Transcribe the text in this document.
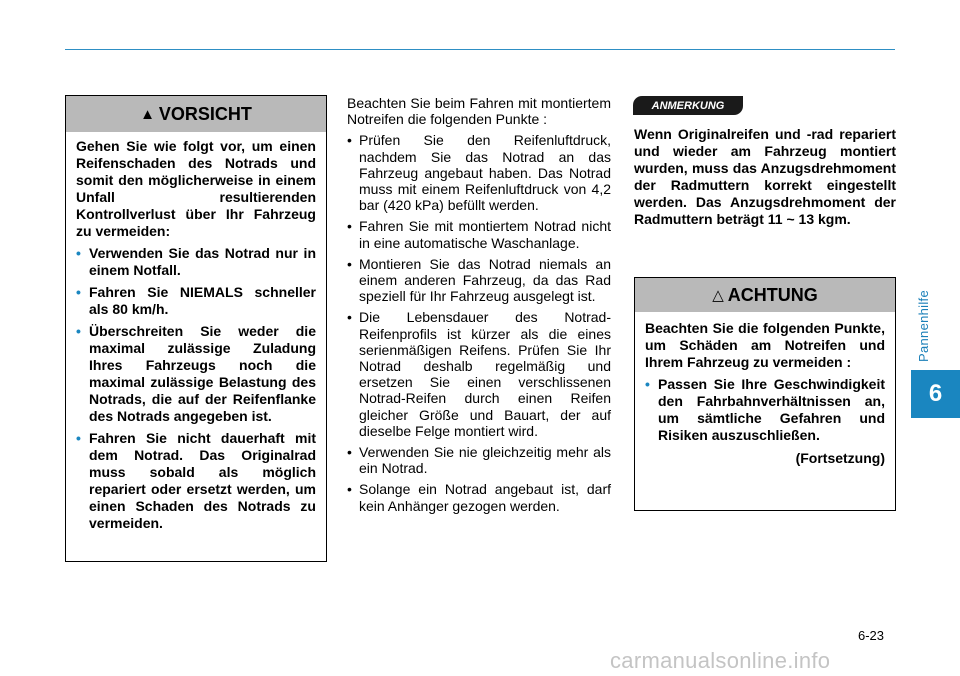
Pannenhilfe
6
▲ VORSICHT
Gehen Sie wie folgt vor, um einen Reifenschaden des Notrads und somit den möglicherweise in einem Unfall resultierenden Kontrollverlust über Ihr Fahrzeug zu vermeiden:
• Verwenden Sie das Notrad nur in einem Notfall.
• Fahren Sie NIEMALS schneller als 80 km/h.
• Überschreiten Sie weder die maximal zulässige Zuladung Ihres Fahrzeugs noch die maximal zulässige Belastung des Notrads, die auf der Reifenflanke des Notrads angegeben ist.
• Fahren Sie nicht dauerhaft mit dem Notrad. Das Originalrad muss sobald als möglich repariert oder ersetzt werden, um einen Schaden des Notrads zu vermeiden.
Beachten Sie beim Fahren mit montiertem Notreifen die folgenden Punkte :
• Prüfen Sie den Reifenluftdruck, nachdem Sie das Notrad an das Fahrzeug angebaut haben. Das Notrad muss mit einem Reifenluftdruck von 4,2 bar (420 kPa) befüllt werden.
• Fahren Sie mit montiertem Notrad nicht in eine automatische Waschanlage.
• Montieren Sie das Notrad niemals an einem anderen Fahrzeug, da das Rad speziell für Ihr Fahrzeug ausgelegt ist.
• Die Lebensdauer des Notrad-Reifenprofils ist kürzer als die eines serienmäßigen Reifens. Prüfen Sie Ihr Notrad deshalb regelmäßig und ersetzen Sie einen verschlissenen Notrad-Reifen durch einen Reifen gleicher Größe und Bauart, der auf dieselbe Felge montiert wird.
• Verwenden Sie nie gleichzeitig mehr als ein Notrad.
• Solange ein Notrad angebaut ist, darf kein Anhänger gezogen werden.
ANMERKUNG
Wenn Originalreifen und -rad repariert und wieder am Fahrzeug montiert wurden, muss das Anzugsdrehmoment der Radmuttern korrekt eingestellt werden. Das Anzugsdrehmoment der Radmuttern beträgt 11 ~ 13 kgm.
△ ACHTUNG
Beachten Sie die folgenden Punkte, um Schäden am Notreifen und Ihrem Fahrzeug zu vermeiden :
• Passen Sie Ihre Geschwindigkeit den Fahrbahnverhältnissen an, um sämtliche Gefahren und Risiken auszuschließen.
(Fortsetzung)
6-23
carmanualsonline.info
